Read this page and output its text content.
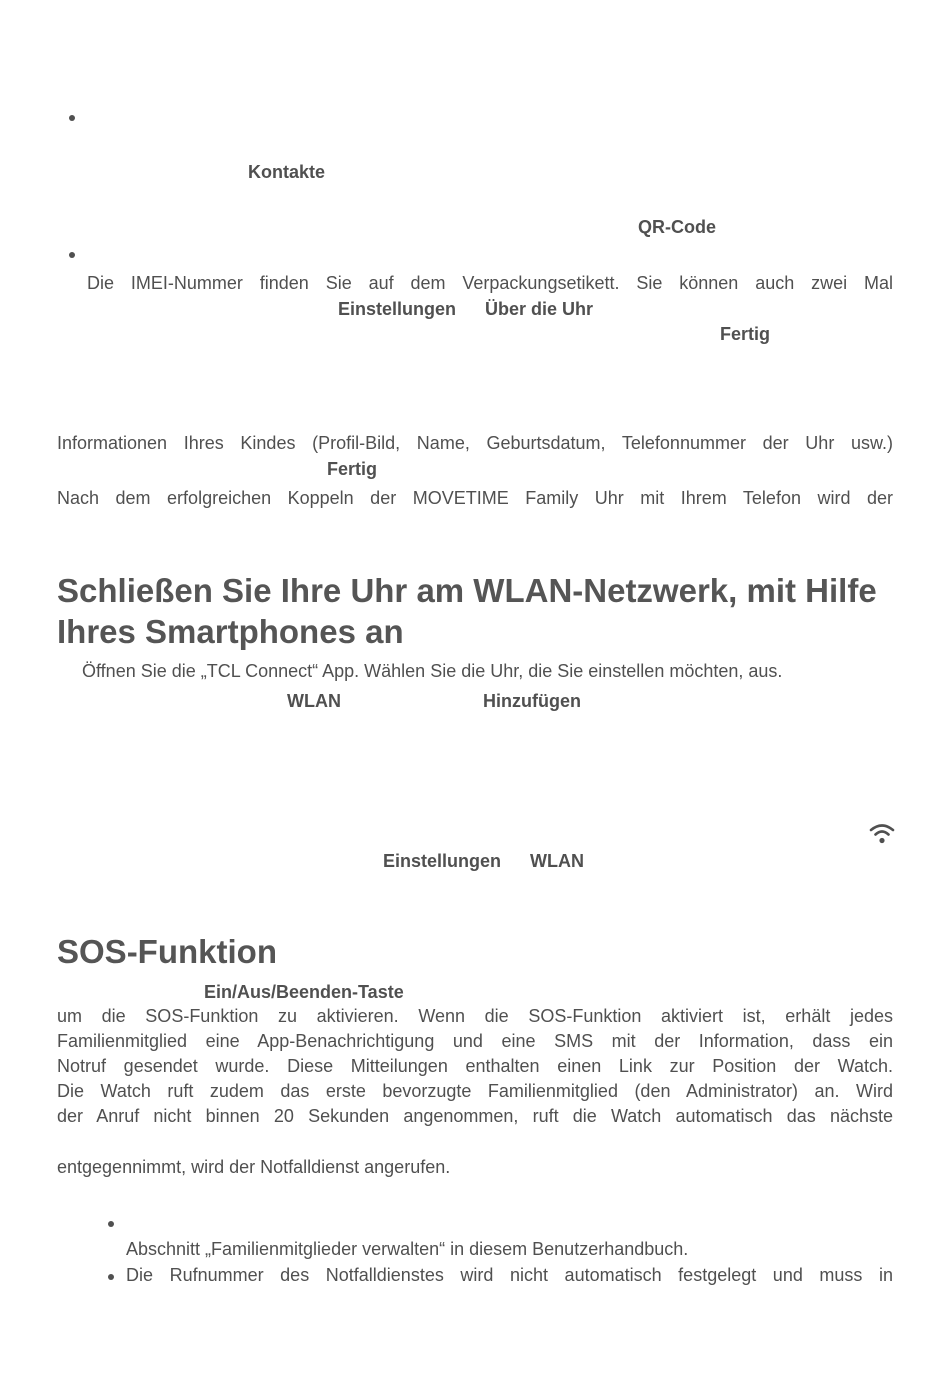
Kontakte
QR-Code
Die IMEI-Nummer finden Sie auf dem Verpackungsetikett. Sie können auch zwei Mal
Einstellungen Über die Uhr
Fertig
Informationen Ihres Kindes (Profil-Bild, Name, Geburtsdatum, Telefonnummer der Uhr usw.)
Fertig
Nach dem erfolgreichen Koppeln der MOVETIME Family Uhr mit Ihrem Telefon wird der
Schließen Sie Ihre Uhr am WLAN-Netzwerk, mit Hilfe Ihres Smartphones an
Öffnen Sie die „TCL Connect“ App. Wählen Sie die Uhr, die Sie einstellen möchten, aus.
WLAN	Hinzufügen
Einstellungen WLAN
SOS-Funktion
Ein/Aus/Beenden-Taste
um die SOS-Funktion zu aktivieren. Wenn die SOS-Funktion aktiviert ist, erhält jedes
Familienmitglied eine App-Benachrichtigung und eine SMS mit der Information, dass ein
Notruf gesendet wurde. Diese Mitteilungen enthalten einen Link zur Position der Watch.
Die Watch ruft zudem das erste bevorzugte Familienmitglied (den Administrator) an. Wird
der Anruf nicht binnen 20 Sekunden angenommen, ruft die Watch automatisch das nächste
entgegennimmt, wird der Notfalldienst angerufen.
Abschnitt „Familienmitglieder verwalten“ in diesem Benutzerhandbuch.
Die Rufnummer des Notfalldienstes wird nicht automatisch festgelegt und muss in
